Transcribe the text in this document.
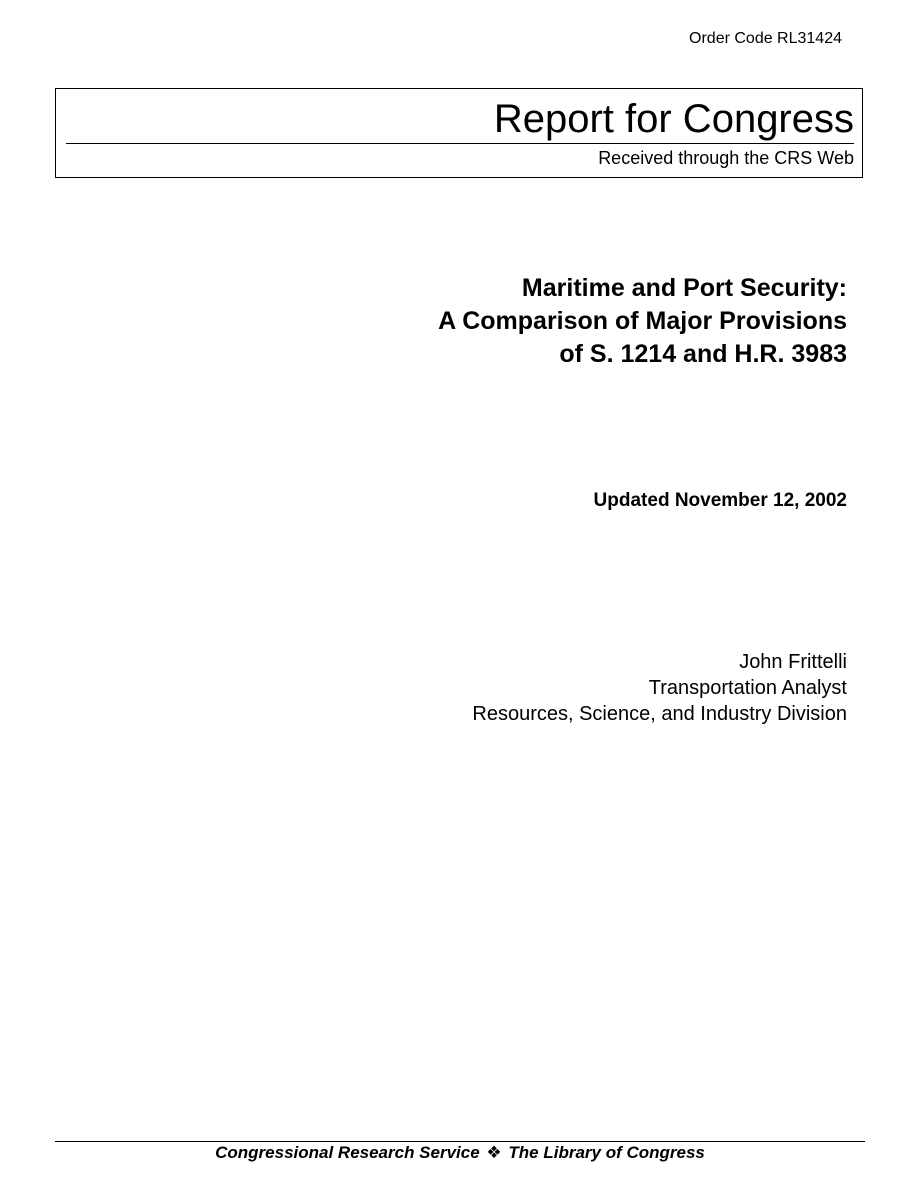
Order Code RL31424
Report for Congress
Received through the CRS Web
Maritime and Port Security:
A Comparison of Major Provisions
of S. 1214 and H.R. 3983
Updated November 12, 2002
John Frittelli
Transportation Analyst
Resources, Science, and Industry Division
Congressional Research Service ❖ The Library of Congress
